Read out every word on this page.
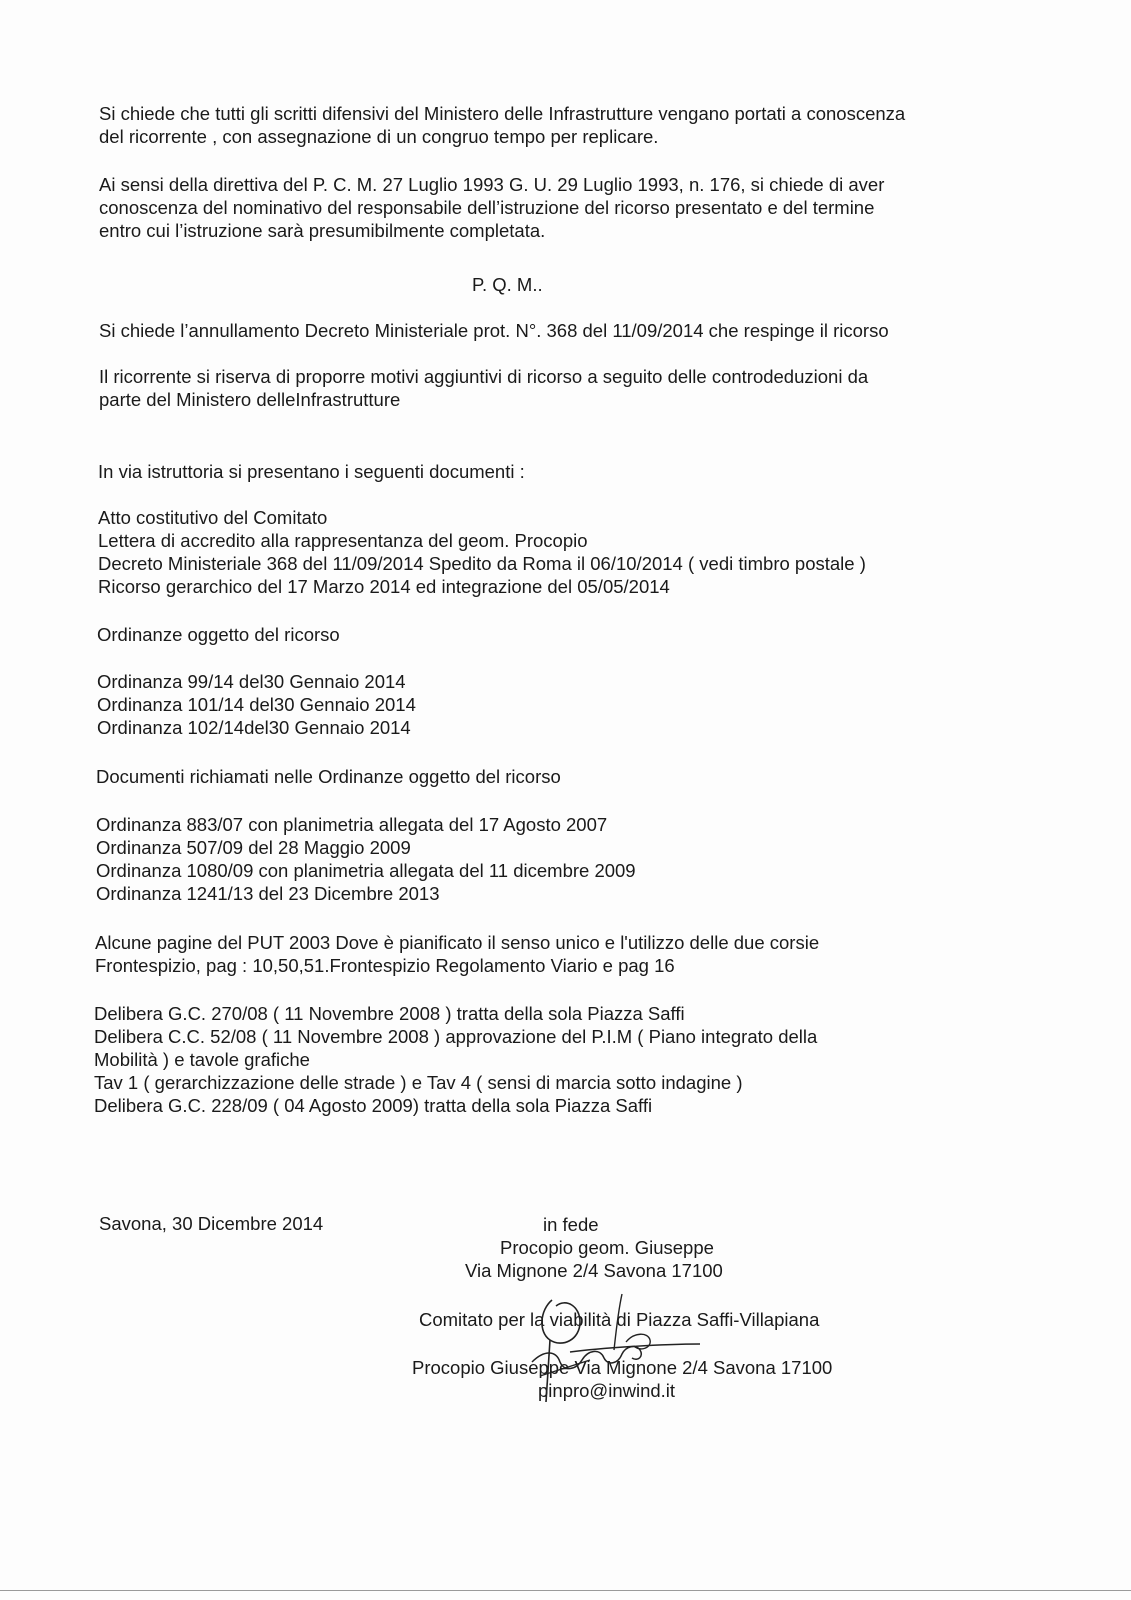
Si chiede che tutti gli scritti difensivi del Ministero delle Infrastrutture vengano portati a conoscenza

del ricorrente , con assegnazione di un congruo tempo per replicare.

Ai sensi della direttiva del P. C. M. 27 Luglio 1993 G. U. 29 Luglio 1993, n. 176, si chiede di aver

conoscenza del nominativo del responsabile dell’istruzione del ricorso presentato e del termine

entro cui l’istruzione sarà presumibilmente completata.

P. Q. M..

Si chiede l’annullamento Decreto Ministeriale prot. N°. 368 del 11/09/2014 che respinge il ricorso

Il ricorrente si riserva di proporre motivi aggiuntivi di ricorso a seguito delle controdeduzioni da

parte del Ministero delleInfrastrutture

In via istruttoria si presentano i seguenti documenti :

Atto costitutivo del Comitato

Lettera di accredito alla rappresentanza del geom. Procopio

Decreto Ministeriale 368 del 11/09/2014 Spedito da Roma il 06/10/2014 ( vedi timbro postale )

Ricorso gerarchico del 17 Marzo 2014 ed integrazione del 05/05/2014

Ordinanze oggetto del ricorso

Ordinanza 99/14 del30 Gennaio 2014

Ordinanza 101/14 del30 Gennaio 2014

Ordinanza 102/14del30 Gennaio 2014

Documenti richiamati nelle Ordinanze oggetto del ricorso

Ordinanza 883/07 con planimetria allegata del 17 Agosto 2007

Ordinanza 507/09 del 28 Maggio 2009

Ordinanza 1080/09 con planimetria allegata del 11 dicembre 2009

Ordinanza 1241/13 del 23 Dicembre 2013

Alcune pagine del PUT 2003 Dove è pianificato il senso unico e l'utilizzo delle due corsie

Frontespizio, pag : 10,50,51.Frontespizio Regolamento Viario e pag 16

Delibera G.C. 270/08 ( 11 Novembre 2008 ) tratta della sola Piazza Saffi

Delibera C.C. 52/08 ( 11 Novembre 2008 ) approvazione del P.I.M ( Piano integrato della

Mobilità ) e tavole grafiche

Tav 1 ( gerarchizzazione delle strade ) e Tav 4 ( sensi di marcia sotto indagine )

Delibera G.C. 228/09 ( 04 Agosto 2009) tratta della sola Piazza Saffi

Savona, 30 Dicembre 2014	in fede

Procopio geom. Giuseppe

Via Mignone 2/4 Savona 17100

Comitato per la viabilità di Piazza Saffi-Villapiana

Procopio Giuseppe Via Mignone 2/4 Savona 17100

pinpro@inwind.it
